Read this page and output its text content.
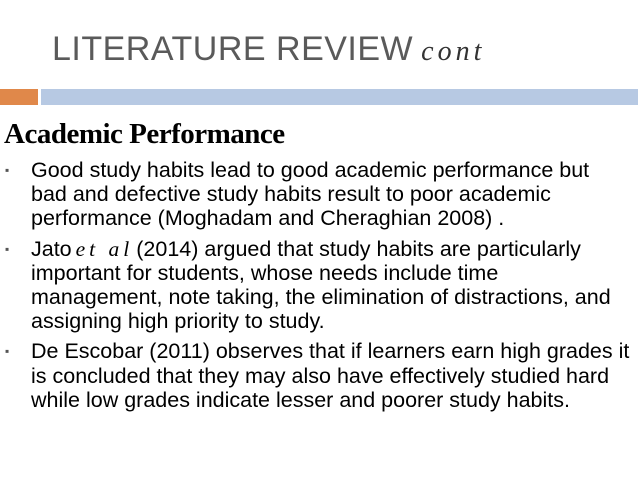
LITERATURE REVIEW cont
Academic Performance
▪ Good study habits lead to good academic performance but bad and defective study habits result to poor academic performance (Moghadam and Cheraghian 2008) .
▪ Jato et al (2014) argued that study habits are particularly important for students, whose needs include time management, note taking, the elimination of distractions, and assigning high priority to study.
▪ De Escobar (2011) observes that if learners earn high grades it is concluded that they may also have effectively studied hard while low grades indicate lesser and poorer study habits.
